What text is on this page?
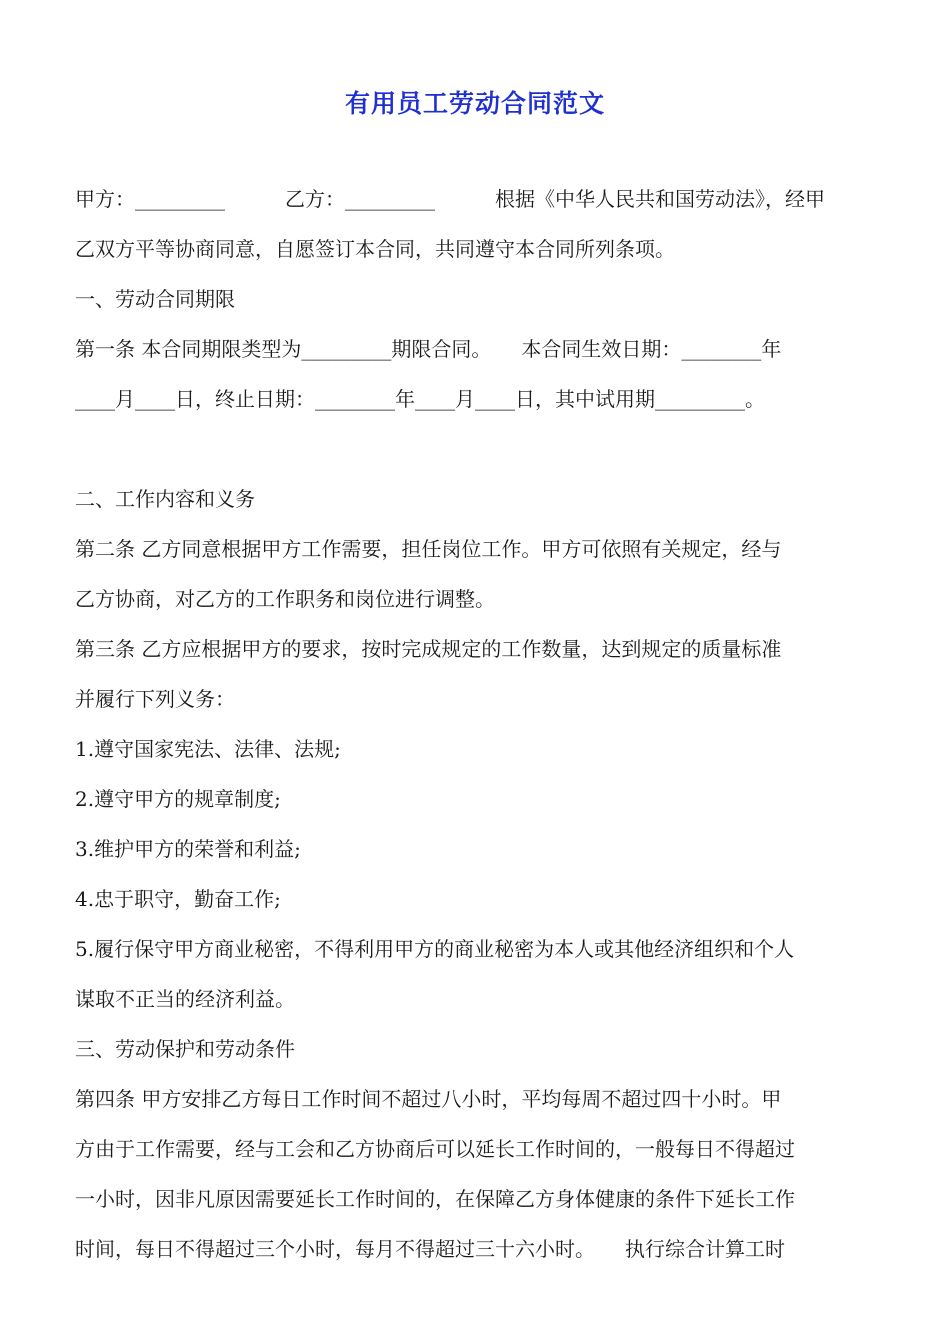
有用员工劳动合同范文
甲方：_________　　　乙方：_________　　　根据《中华人民共和国劳动法》，经甲
乙双方平等协商同意，自愿签订本合同，共同遵守本合同所列条项。
一、劳动合同期限
第一条 本合同期限类型为_________期限合同。　　本合同生效日期：________年
____月____日，终止日期：________年____月____日，其中试用期_________。
二、工作内容和义务
第二条 乙方同意根据甲方工作需要，担任岗位工作。甲方可依照有关规定，经与
乙方协商，对乙方的工作职务和岗位进行调整。
第三条 乙方应根据甲方的要求，按时完成规定的工作数量，达到规定的质量标准
并履行下列义务：
1.遵守国家宪法、法律、法规;
2.遵守甲方的规章制度;
3.维护甲方的荣誉和利益;
4.忠于职守，勤奋工作;
5.履行保守甲方商业秘密，不得利用甲方的商业秘密为本人或其他经济组织和个人
谋取不正当的经济利益。
三、劳动保护和劳动条件
第四条 甲方安排乙方每日工作时间不超过八小时，平均每周不超过四十小时。甲
方由于工作需要，经与工会和乙方协商后可以延长工作时间的，一般每日不得超过
一小时，因非凡原因需要延长工作时间的，在保障乙方身体健康的条件下延长工作
时间，每日不得超过三个小时，每月不得超过三十六小时。　　执行综合计算工时
